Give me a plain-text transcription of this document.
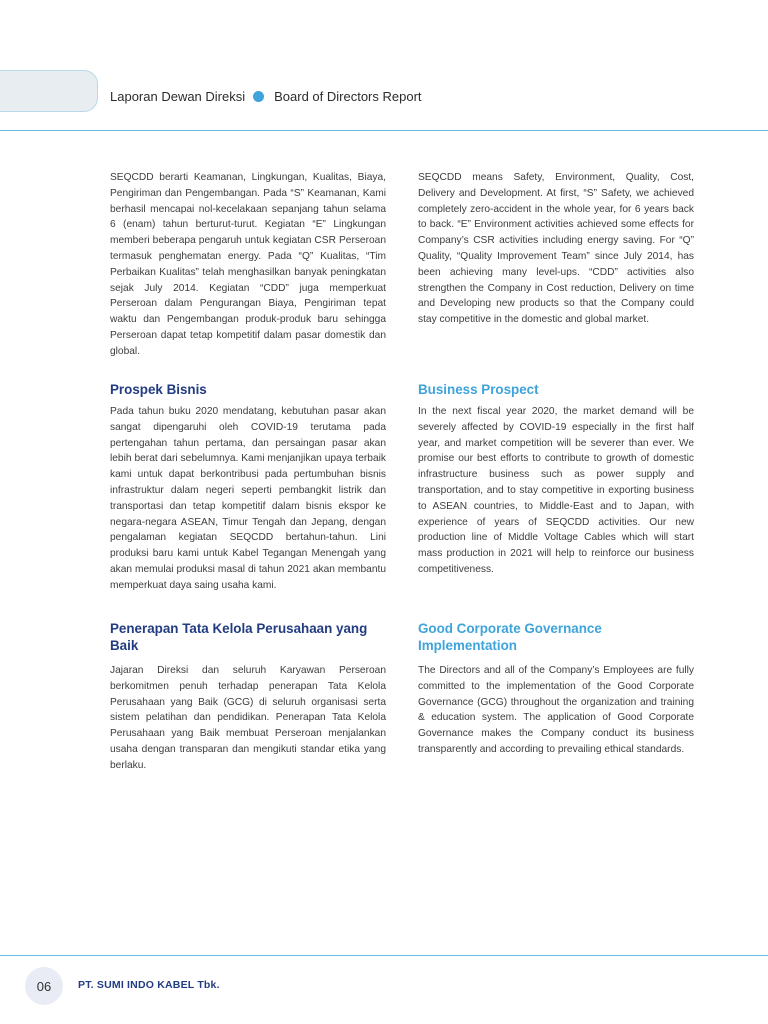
Laporan Dewan Direksi Board of Directors Report

SEQCDD berarti Keamanan, Lingkungan, Kualitas, Biaya, Pengiriman dan Pengembangan. Pada “S” Keamanan, Kami berhasil mencapai nol-kecelakaan sepanjang tahun selama 6 (enam) tahun berturut-turut. Kegiatan “E” Lingkungan memberi beberapa pengaruh untuk kegiatan CSR Perseroan termasuk penghematan energy. Pada “Q” Kualitas, “Tim Perbaikan Kualitas” telah menghasilkan banyak peningkatan sejak July 2014. Kegiatan “CDD” juga memperkuat Perseroan dalam Pengurangan Biaya, Pengiriman tepat waktu dan Pengembangan produk-produk baru sehingga Perseroan dapat tetap kompetitif dalam pasar domestik dan global.

Prospek Bisnis

Pada tahun buku 2020 mendatang, kebutuhan pasar akan sangat dipengaruhi oleh COVID-19 terutama pada pertengahan tahun pertama, dan persaingan pasar akan lebih berat dari sebelumnya. Kami menjanjikan upaya terbaik kami untuk dapat berkontribusi pada pertumbuhan bisnis infrastruktur dalam negeri seperti pembangkit listrik dan transportasi dan tetap kompetitif dalam bisnis ekspor ke negara-negara ASEAN, Timur Tengah dan Jepang, dengan pengalaman kegiatan SEQCDD bertahun-tahun. Lini produksi baru kami untuk Kabel Tegangan Menengah yang akan memulai produksi masal di tahun 2021 akan membantu memperkuat daya saing usaha kami.

Penerapan Tata Kelola Perusahaan yang Baik

Jajaran Direksi dan seluruh Karyawan Perseroan berkomitmen penuh terhadap penerapan Tata Kelola Perusahaan yang Baik (GCG) di seluruh organisasi serta sistem pelatihan dan pendidikan. Penerapan Tata Kelola Perusahaan yang Baik membuat Perseroan menjalankan usaha dengan transparan dan mengikuti standar etika yang berlaku.

SEQCDD means Safety, Environment, Quality, Cost, Delivery and Development. At first, “S” Safety, we achieved completely zero-accident in the whole year, for 6 years back to back. “E” Environment activities achieved some effects for Company’s CSR activities including energy saving. For “Q” Quality, “Quality Improvement Team” since July 2014, has been achieving many level-ups. “CDD” activities also strengthen the Company in Cost reduction, Delivery on time and Developing new products so that the Company could stay competitive in the domestic and global market.

Business Prospect

In the next fiscal year 2020, the market demand will be severely affected by COVID-19 especially in the first half year, and market competition will be severer than ever. We promise our best efforts to contribute to growth of domestic infrastructure business such as power supply and transportation, and to stay competitive in exporting business to ASEAN countries, to Middle-East and to Japan, with experience of years of SEQCDD activities. Our new production line of Middle Voltage Cables which will start mass production in 2021 will help to reinforce our business competitiveness.

Good Corporate Governance Implementation

The Directors and all of the Company’s Employees are fully committed to the implementation of the Good Corporate Governance (GCG) throughout the organization and training & education system. The application of Good Corporate Governance makes the Company conduct its business transparently and according to prevailing ethical standards.

06	PT. SUMI INDO KABEL Tbk.
